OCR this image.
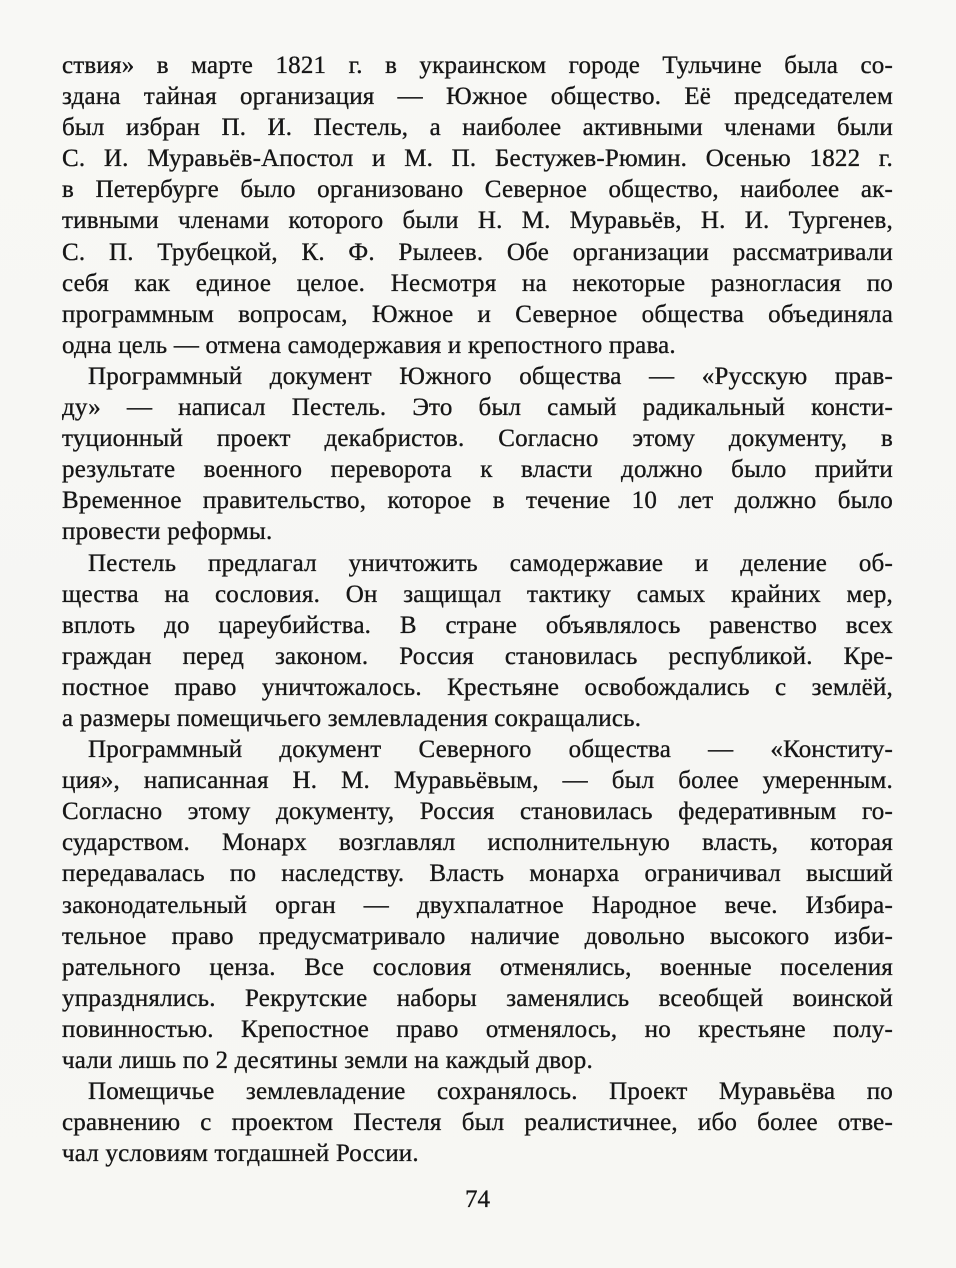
ствия» в марте 1821 г. в украинском городе Тульчине была со-
здана тайная организация — Южное общество. Её председателем
был избран П. И. Пестель, а наиболее активными членами были
С. И. Муравьёв-Апостол и М. П. Бестужев-Рюмин. Осенью 1822 г.
в Петербурге было организовано Северное общество, наиболее ак-
тивными членами которого были Н. М. Муравьёв, Н. И. Тургенев,
С. П. Трубецкой, К. Ф. Рылеев. Обе организации рассматривали
себя как единое целое. Несмотря на некоторые разногласия по
программным вопросам, Южное и Северное общества объединяла
одна цель — отмена самодержавия и крепостного права.

Программный документ Южного общества — «Русскую прав-
ду» — написал Пестель. Это был самый радикальный консти-
туционный проект декабристов. Согласно этому документу, в
результате военного переворота к власти должно было прийти
Временное правительство, которое в течение 10 лет должно было
провести реформы.

Пестель предлагал уничтожить самодержавие и деление об-
щества на сословия. Он защищал тактику самых крайних мер,
вплоть до цареубийства. В стране объявлялось равенство всех
граждан перед законом. Россия становилась республикой. Кре-
постное право уничтожалось. Крестьяне освобождались с землёй,
а размеры помещичьего землевладения сокращались.

Программный документ Северного общества — «Конститу-
ция», написанная Н. М. Муравьёвым, — был более умеренным.
Согласно этому документу, Россия становилась федеративным го-
сударством. Монарх возглавлял исполнительную власть, которая
передавалась по наследству. Власть монарха ограничивал высший
законодательный орган — двухпалатное Народное вече. Избира-
тельное право предусматривало наличие довольно высокого изби-
рательного ценза. Все сословия отменялись, военные поселения
упразднялись. Рекрутские наборы заменялись всеобщей воинской
повинностью. Крепостное право отменялось, но крестьяне полу-
чали лишь по 2 десятины земли на каждый двор.

Помещичье землевладение сохранялось. Проект Муравьёва по
сравнению с проектом Пестеля был реалистичнее, ибо более отве-
чал условиям тогдашней России.

74
